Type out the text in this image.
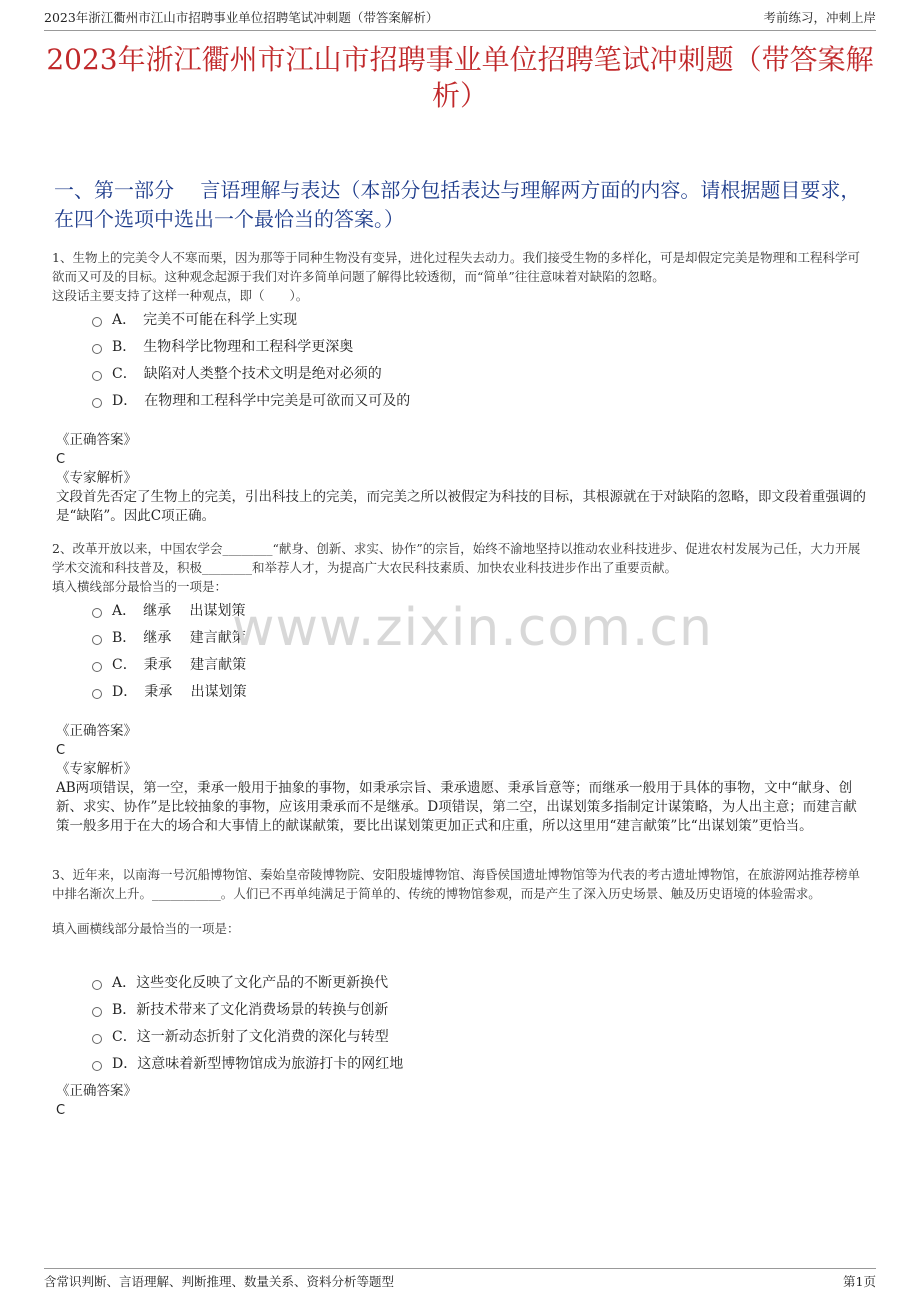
2023年浙江衢州市江山市招聘事业单位招聘笔试冲刺题（带答案解析）	考前练习，冲刺上岸
2023年浙江衢州市江山市招聘事业单位招聘笔试冲刺题（带答案解析）
一、第一部分　 言语理解与表达（本部分包括表达与理解两方面的内容。请根据题目要求，在四个选项中选出一个最恰当的答案。）

1、生物上的完美令人不寒而栗，因为那等于同种生物没有变异，进化过程失去动力。我们接受生物的多样化，可是却假定完美是物理和工程科学可欲而又可及的目标。这种观念起源于我们对许多简单问题了解得比较透彻，而“简单”往往意味着对缺陷的忽略。

这段话主要支持了这样一种观点，即（　　）。

A．　完美不可能在科学上实现
B．　生物科学比物理和工程科学更深奥
C．　缺陷对人类整个技术文明是绝对必须的
D．　在物理和工程科学中完美是可欲而又可及的
《正确答案》
C
《专家解析》
文段首先否定了生物上的完美，引出科技上的完美，而完美之所以被假定为科技的目标，其根源就在于对缺陷的忽略，即文段着重强调的是“缺陷”。因此C项正确。

2、改革开放以来，中国农学会________“献身、创新、求实、协作”的宗旨，始终不渝地坚持以推动农业科技进步、促进农村发展为己任，大力开展学术交流和科技普及，积极________和举荐人才，为提高广大农民科技素质、加快农业科技进步作出了重要贡献。

填入横线部分最恰当的一项是：

A．　继承　 出谋划策
B．　继承　 建言献策
C．　秉承　 建言献策
D．　秉承　 出谋划策
《正确答案》
C
《专家解析》
AB两项错误，第一空，秉承一般用于抽象的事物，如秉承宗旨、秉承遗愿、秉承旨意等；而继承一般用于具体的事物，文中“献身、创新、求实、协作”是比较抽象的事物，应该用秉承而不是继承。D项错误，第二空，出谋划策多指制定计谋策略，为人出主意；而建言献策一般多用于在大的场合和大事情上的献谋献策，要比出谋划策更加正式和庄重，所以这里用“建言献策”比“出谋划策”更恰当。

3、近年来，以南海一号沉船博物馆、秦始皇帝陵博物院、安阳殷墟博物馆、海昏侯国遗址博物馆等为代表的考古遗址博物馆，在旅游网站推荐榜单中排名渐次上升。___________。人们已不再单纯满足于简单的、传统的博物馆参观，而是产生了深入历史场景、触及历史语境的体验需求。

填入画横线部分最恰当的一项是：

A．这些变化反映了文化产品的不断更新换代
B．新技术带来了文化消费场景的转换与创新
C．这一新动态折射了文化消费的深化与转型
D．这意味着新型博物馆成为旅游打卡的网红地
《正确答案》
C
www.zixin.com.cn
含常识判断、言语理解、判断推理、数量关系、资料分析等题型	第1页
